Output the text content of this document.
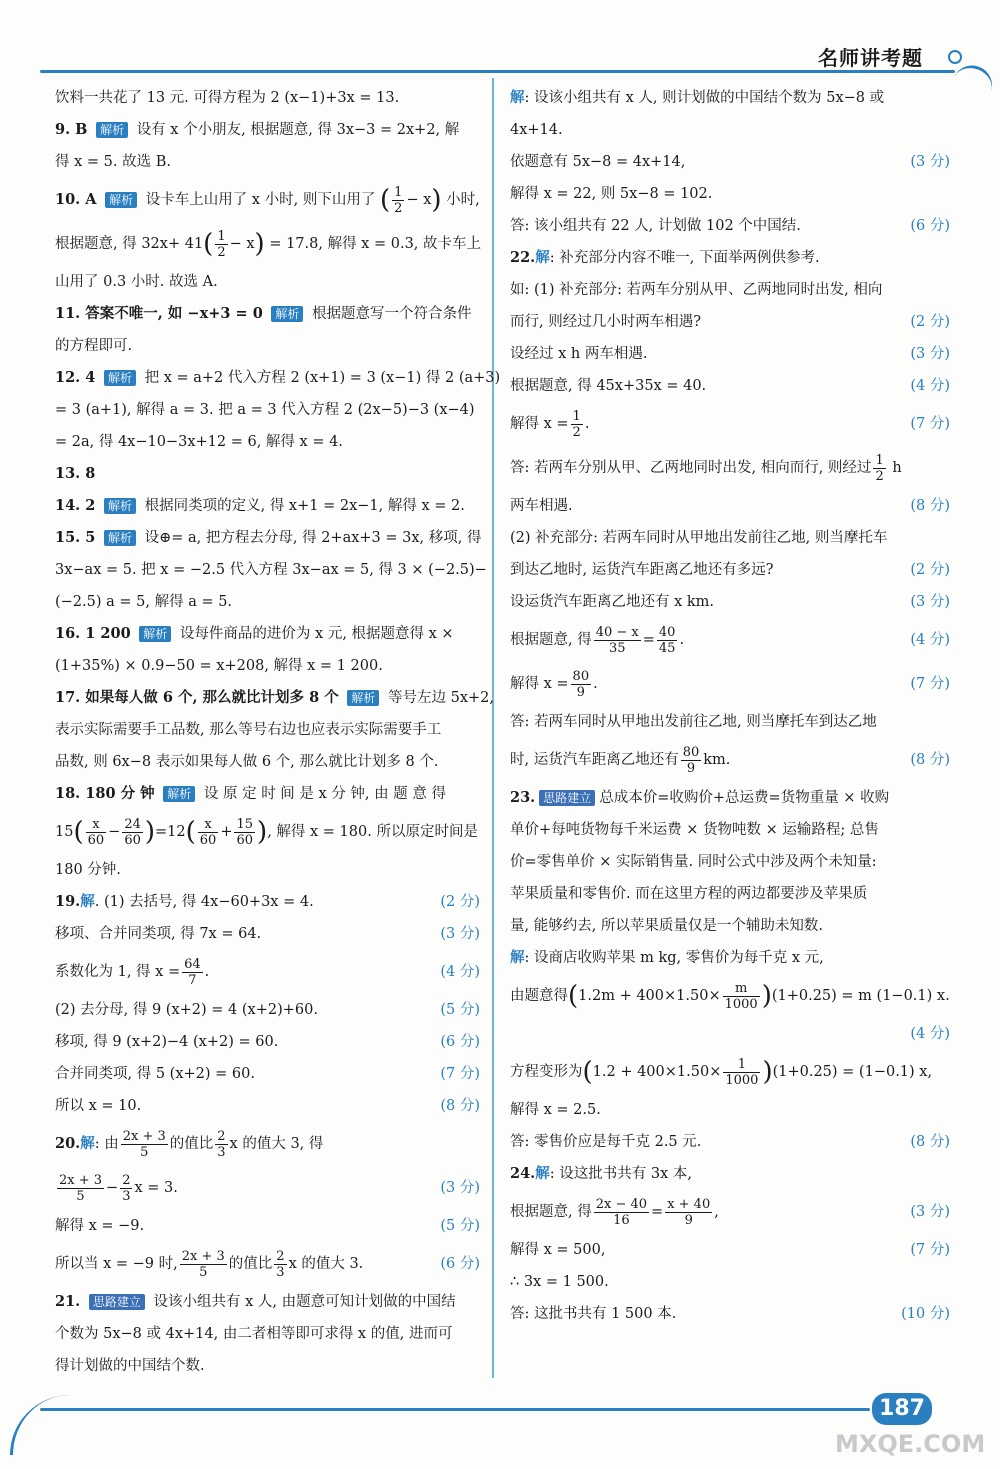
名师讲考题
饮料一共花了 13 元. 可得方程为 2 (x−1)+3x = 13.
9. B 解析 设有 x 个小朋友, 根据题意, 得 3x−3 = 2x+2, 解
得 x = 5. 故选 B.
10. A 解析 设卡车上山用了 x 小时, 则下山用了 ( $\frac{1}{2} - x$) 小时,
根据题意, 得 $32x+ 41( \frac{1}{2} - x) = 17.8$, 解得 x = 0.3, 故卡车上
山用了 0.3 小时. 故选 A.
11. 答案不唯一, 如 −x+3 = 0 解析 根据题意写一个符合条件
的方程即可.
12. 4 解析 把 x = a+2 代入方程 2 (x+1) = 3 (x−1) 得 2 (a+3)
= 3 (a+1), 解得 a = 3. 把 a = 3 代入方程 2 (2x−5)−3 (x−4)
= 2a, 得 4x−10−3x+12 = 6, 解得 x = 4.
13. 8
14. 2 解析 根据同类项的定义, 得 x+1 = 2x−1, 解得 x = 2.
15. 5 解析 设⊕= a, 把方程去分母, 得 2+ax+3 = 3x, 移项, 得
3x−ax = 5. 把 x = −2.5 代入方程 3x−ax = 5, 得 3 × (−2.5)−
(−2.5) a = 5, 解得 a = 5.
16. 1 200 解析 设每件商品的进价为 x 元, 根据题意得 x ×
(1+35%) × 0.9−50 = x+208, 解得 x = 1 200.
17. 如果每人做 6 个, 那么就比计划多 8 个 解析 等号左边 5x+2,
表示实际需要手工品数, 那么等号右边也应表示实际需要手工
品数, 则 6x−8 表示如果每人做 6 个, 那么就比计划多 8 个.
18. 180 分 钟 解析 设 原 定 时 间 是 x 分 钟, 由 题 意 得
$15( \frac{x}{60} - \frac{24}{60} )=12( \frac{x}{60} + \frac{15}{60}$ ), 解得 x = 180. 所以原定时间是
180 分钟.
19.解. (1) 去括号, 得 4x−60+3x = 4.	(2 分)
移项、合并同类项, 得 7x = 64.	(3 分)
系数化为 1, 得 $x = \frac{64}{7}$ .	(4 分)
(2) 去分母, 得 9 (x+2) = 4 (x+2)+60.	(5 分)
移项, 得 9 (x+2)−4 (x+2) = 60.	(6 分)
合并同类项, 得 5 (x+2) = 60.	(7 分)
所以 x = 10.	(8 分)
20.解: 由 $\frac{2x + 3}{5}$ 的值比 $\frac{2}{3}$ x 的值大 3, 得
$\frac{2x + 3}{5} - \frac{2}{3}$ x = 3.	(3 分)
解得 x = −9.	(5 分)
所以当 x = −9 时, $\frac{2x + 3}{5}$ 的值比 $\frac{2}{3}$ x 的值大 3.	(6 分)
21. 思路建立 设该小组共有 x 人, 由题意可知计划做的中国结
个数为 5x−8 或 4x+14, 由二者相等即可求得 x 的值, 进而可
得计划做的中国结个数.
解: 设该小组共有 x 人, 则计划做的中国结个数为 5x−8 或
4x+14.
依题意有 5x−8 = 4x+14,	(3 分)
解得 x = 22, 则 5x−8 = 102.
答: 该小组共有 22 人, 计划做 102 个中国结.	(6 分)
22.解: 补充部分内容不唯一, 下面举两例供参考.
如: (1) 补充部分: 若两车分别从甲、乙两地同时出发, 相向
而行, 则经过几小时两车相遇?	(2 分)
设经过 x h 两车相遇.	(3 分)
根据题意, 得 45x+35x = 40.	(4 分)
解得 $x = \frac{1}{2}$ .	(7 分)
答: 若两车分别从甲、乙两地同时出发, 相向而行, 则经过 $\frac{1}{2}$ h
两车相遇.	(8 分)
(2) 补充部分: 若两车同时从甲地出发前往乙地, 则当摩托车
到达乙地时, 运货汽车距离乙地还有多远?	(2 分)
设运货汽车距离乙地还有 x km.	(3 分)
根据题意, 得 $\frac{40 - x}{35} = \frac{40}{45}$ .	(4 分)
解得 $x = \frac{80}{9}$ .	(7 分)
答: 若两车同时从甲地出发前往乙地, 则当摩托车到达乙地
时, 运货汽车距离乙地还有 $\frac{80}{9}$ km.	(8 分)
23. 思路建立 总成本价=收购价+总运费=货物重量 × 收购
单价+每吨货物每千米运费 × 货物吨数 × 运输路程; 总售
价=零售单价 × 实际销售量. 同时公式中涉及两个未知量:
苹果质量和零售价. 而在这里方程的两边都要涉及苹果质
量, 能够约去, 所以苹果质量仅是一个辅助未知数.
解: 设商店收购苹果 m kg, 零售价为每千克 x 元,
由题意得$(1.2m + 400\times 1.50\times \frac{m}{1000} )(1+0.25) = m$ (1−0.1) x.
(4 分)
方程变形为$(1.2 + 400\times 1.50\times \frac{1}{1000} )(1+0.25) = (1-0.1)$ x,
解得 x = 2.5.
答: 零售价应是每千克 2.5 元.	(8 分)
24.解: 设这批书共有 3x 本,
根据题意, 得 $\frac{2x - 40}{16} = \frac{x + 40}{9}$ ,	(3 分)
解得 x = 500,	(7 分)
∴ 3x = 1 500.
答: 这批书共有 1 500 本.	(10 分)
187
MXQE.COM
